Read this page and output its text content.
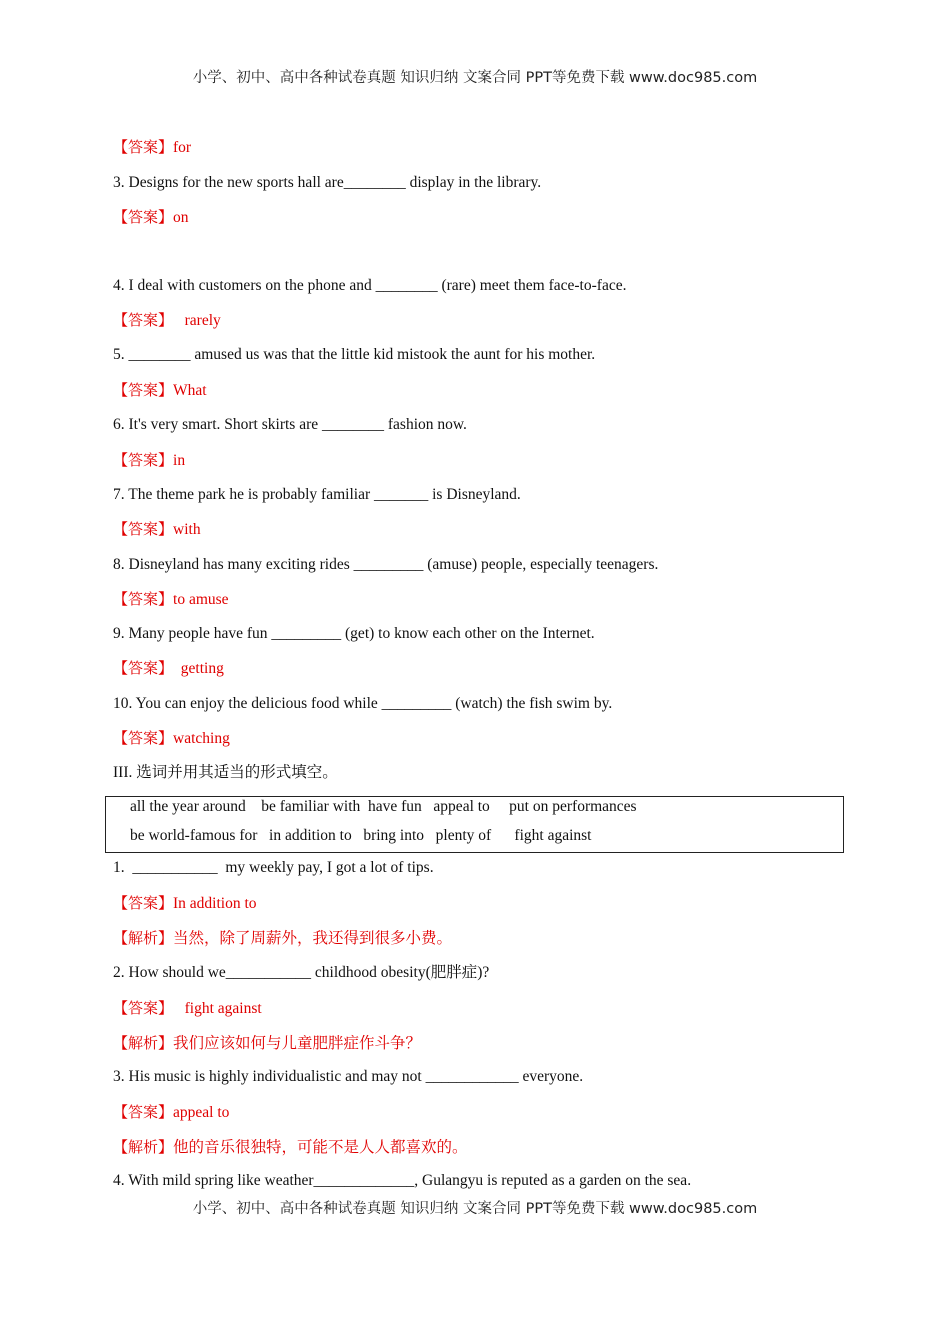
小学、初中、高中各种试卷真题 知识归纳 文案合同 PPT等免费下载 www.doc985.com
【答案】for
3. Designs for the new sports hall are________ display in the library.
【答案】on
4. I deal with customers on the phone and ________ (rare) meet them face-to-face.
【答案】   rarely
5. ________ amused us was that the little kid mistook the aunt for his mother.
【答案】What
6. It's very smart. Short skirts are ________ fashion now.
【答案】in
7. The theme park he is probably familiar _______ is Disneyland.
【答案】with
8. Disneyland has many exciting rides _________ (amuse) people, especially teenagers.
【答案】to amuse
9. Many people have fun _________ (get) to know each other on the Internet.
【答案】  getting
10. You can enjoy the delicious food while _________ (watch) the fish swim by.
【答案】watching
III. 选词并用其适当的形式填空。
all the year around    be familiar with  have fun   appeal to     put on performances
be world-famous for   in addition to   bring into   plenty of      fight against
1.  ___________  my weekly pay, I got a lot of tips.
【答案】In addition to
【解析】当然，除了周薪外，我还得到很多小费。
2. How should we___________ childhood obesity(肥胖症)?
【答案】   fight against
【解析】我们应该如何与儿童肥胖症作斗争？
3. His music is highly individualistic and may not ____________ everyone.
【答案】appeal to
【解析】他的音乐很独特，可能不是人人都喜欢的。
4. With mild spring like weather_____________, Gulangyu is reputed as a garden on the sea.
小学、初中、高中各种试卷真题 知识归纳 文案合同 PPT等免费下载 www.doc985.com
